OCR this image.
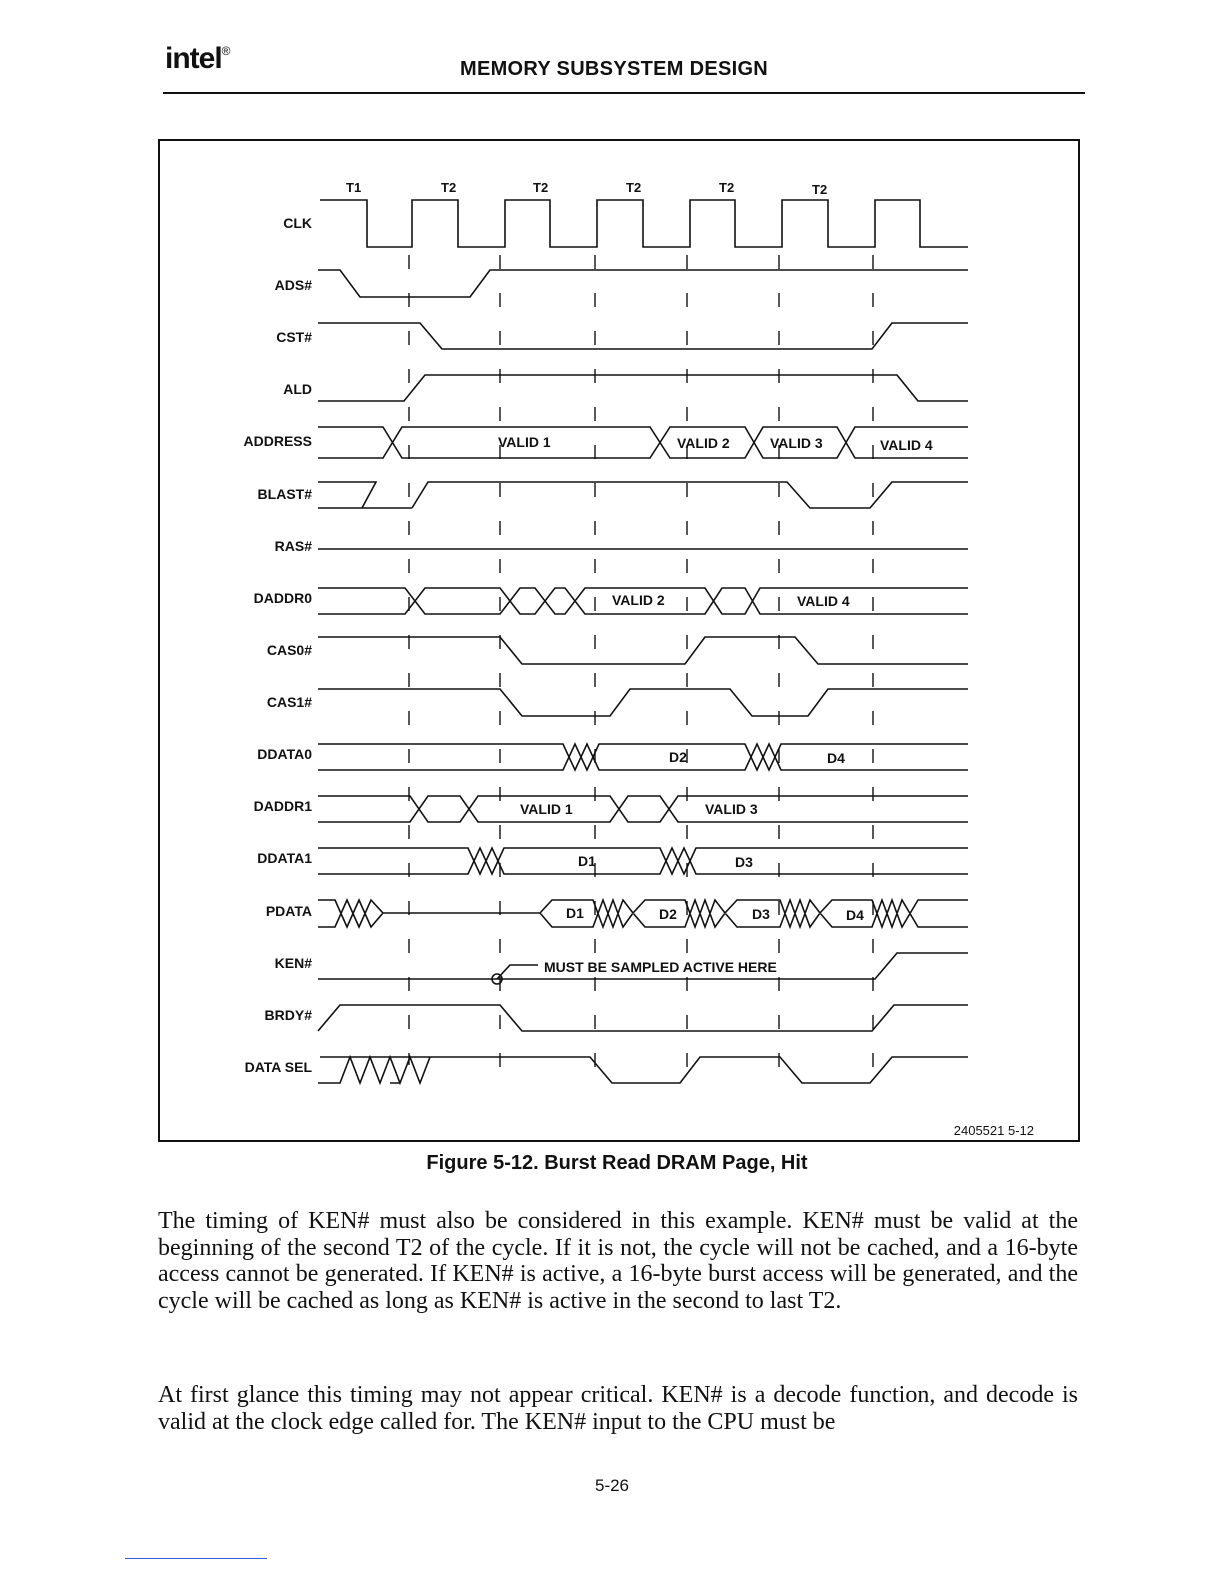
intel®
MEMORY SUBSYSTEM DESIGN
T1	T2	T2	T2	T2	T2
CLK
ADS#
CST#
ALD
ADDRESS
BLAST#
RAS#
DADDR0
CAS0#
CAS1#
DDATA0
DADDR1
DDATA1
PDATA
KEN#
BRDY#
DATA SEL
VALID 1	VALID 2	VALID 3	VALID 4
VALID 2	VALID 4
D2	D4
VALID 1	VALID 3
D1	D3
D1	D2	D3	D4
MUST BE SAMPLED ACTIVE HERE
2405521 5-12
Figure 5-12. Burst Read DRAM Page, Hit

The timing of KEN# must also be considered in this example. KEN# must be valid at the beginning of the second T2 of the cycle. If it is not, the cycle will not be cached, and a 16-byte access cannot be generated. If KEN# is active, a 16-byte burst access will be generated, and the cycle will be cached as long as KEN# is active in the second to last T2.

At first glance this timing may not appear critical. KEN# is a decode function, and decode is valid at the clock edge called for. The KEN# input to the CPU must be

5-26
